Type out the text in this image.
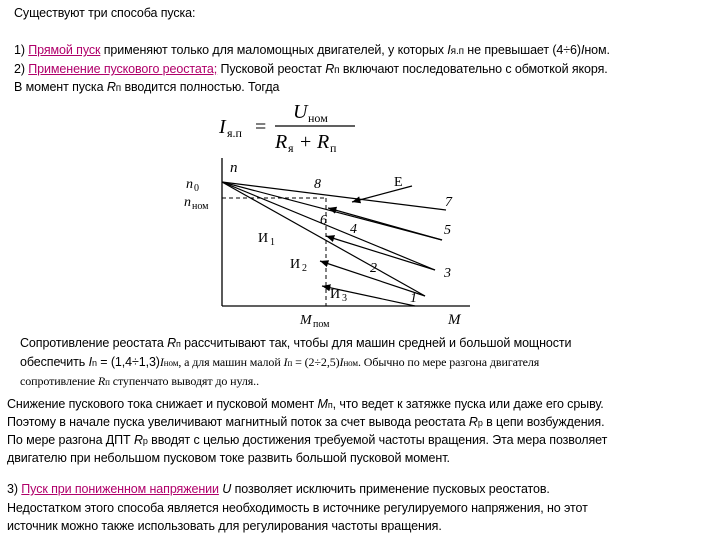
Cуществуют три способа пуска:
1) Прямой пуск применяют только для маломощных двигателей, у которых Iя.п не превышает (4÷6)Iном.
2) Применение пускового реостата; Пусковой реостат Rп включают последовательно с обмоткой якоря.
В момент пуска Rп вводится полностью. Тогда
I я.п =
U ном
R я + R п
n
M
n 0
n ном
8
7
6
4	5
2	3
1
E
И 1
И 2
И 3
M пом
Сопротивление реостата Rп рассчитывают так, чтобы для машин средней и большой мощности
обеспечить In = (1,4÷1,3)Iном, а для машин малой Iп = (2÷2,5)Iном. Обычно по мере разгона двигателя
сопротивление Rп ступенчато выводят до нуля..
Снижение пускового тока снижает и пусковой момент Mп, что ведет к затяжке пуска или даже его срыву.
Поэтому в начале пуска увеличивают магнитный поток за счет вывода реостата Rр в цепи возбуждения.
По мере разгона ДПТ Rр вводят с целью достижения требуемой частоты вращения. Эта мера позволяет
двигателю при небольшом пусковом токе развить большой пусковой момент.
3) Пуск при пониженном напряжении U позволяет исключить применение пусковых реостатов.
Недостатком этого способа является необходимость в источнике регулируемого напряжения, но этот
источник можно также использовать для регулирования частоты вращения.
